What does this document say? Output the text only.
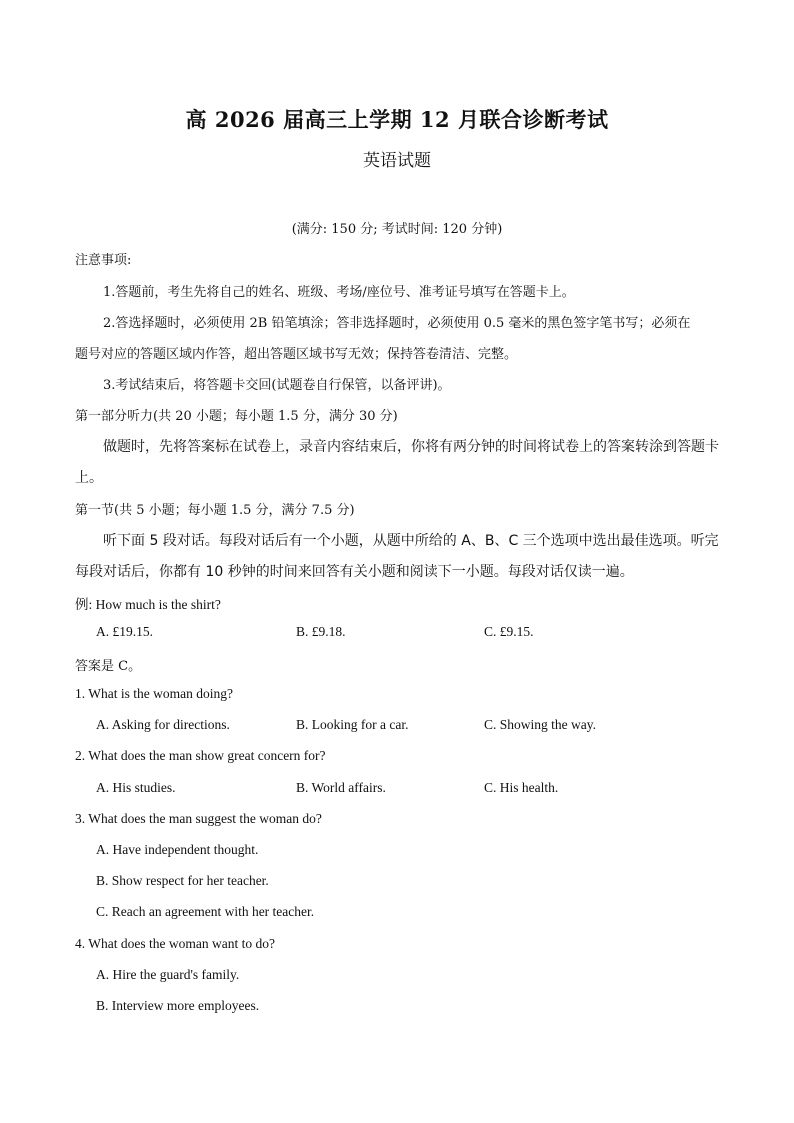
高 2026 届高三上学期 12 月联合诊断考试
英语试题
(满分: 150 分; 考试时间: 120 分钟)
注意事项:
1.答题前，考生先将自己的姓名、班级、考场/座位号、准考证号填写在答题卡上。
2.答选择题时，必须使用 2B 铅笔填涂；答非选择题时，必须使用 0.5 毫米的黑色签字笔书写；必须在
题号对应的答题区域内作答，超出答题区域书写无效；保持答卷清洁、完整。
3.考试结束后，将答题卡交回(试题卷自行保管，以备评讲)。
第一部分听力(共 20 小题；每小题 1.5 分，满分 30 分)
做题时，先将答案标在试卷上，录音内容结束后，你将有两分钟的时间将试卷上的答案转涂到答题卡
上。
第一节(共 5 小题；每小题 1.5 分，满分 7.5 分)
听下面 5 段对话。每段对话后有一个小题，从题中所给的 A、B、C 三个选项中选出最佳选项。听完
每段对话后，你都有 10 秒钟的时间来回答有关小题和阅读下一小题。每段对话仅读一遍。
例: How much is the shirt?
A. £19.15.	B. £9.18.	C. £9.15.
答案是 C。
1. What is the woman doing?
A. Asking for directions.	B. Looking for a car.	C. Showing the way.
2. What does the man show great concern for?
A. His studies.	B. World affairs.	C. His health.
3. What does the man suggest the woman do?
A. Have independent thought.
B. Show respect for her teacher.
C. Reach an agreement with her teacher.
4. What does the woman want to do?
A. Hire the guard's family.
B. Interview more employees.
